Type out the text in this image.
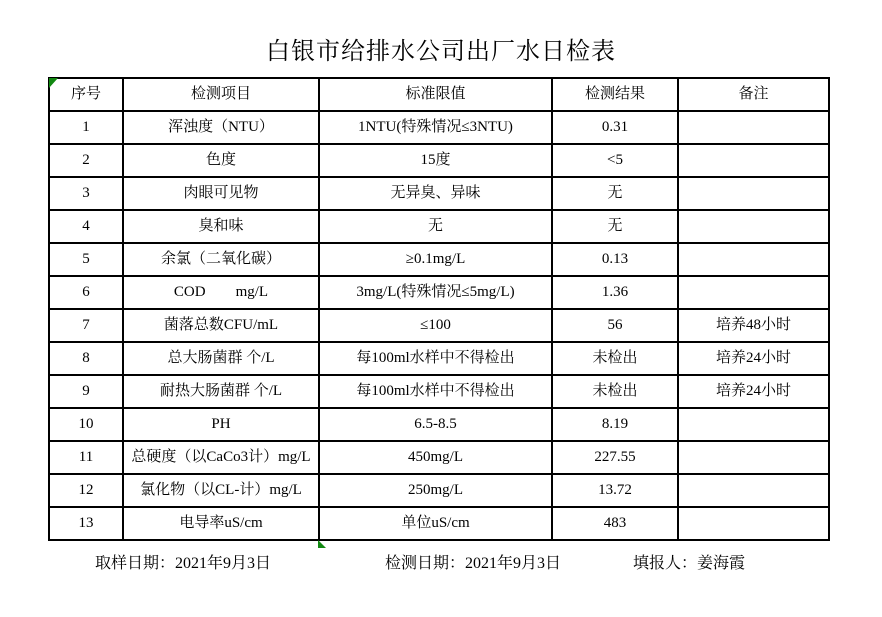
白银市给排水公司出厂水日检表
序号	检测项目	标准限值	检测结果	备注
1	浑浊度（NTU）	1NTU(特殊情况≤3NTU)	0.31	
2	色度	15度	<5	
3	肉眼可见物	无异臭、异味	无	
4	臭和味	无	无	
5	余氯（二氧化碳）	≥0.1mg/L	0.13	
6	COD        mg/L	3mg/L(特殊情况≤5mg/L)	1.36	
7	菌落总数CFU/mL	≤100	56	培养48小时
8	总大肠菌群 个/L	每100ml水样中不得检出	未检出	培养24小时
9	耐热大肠菌群 个/L	每100ml水样中不得检出	未检出	培养24小时
10	PH	6.5-8.5	8.19	
11	总硬度（以CaCo3计）mg/L	450mg/L	227.55	
12	氯化物（以CL-计）mg/L	250mg/L	13.72	
13	电导率uS/cm	单位uS/cm	483	
取样日期：2021年9月3日	检测日期：2021年9月3日	填报人：姜海霞
